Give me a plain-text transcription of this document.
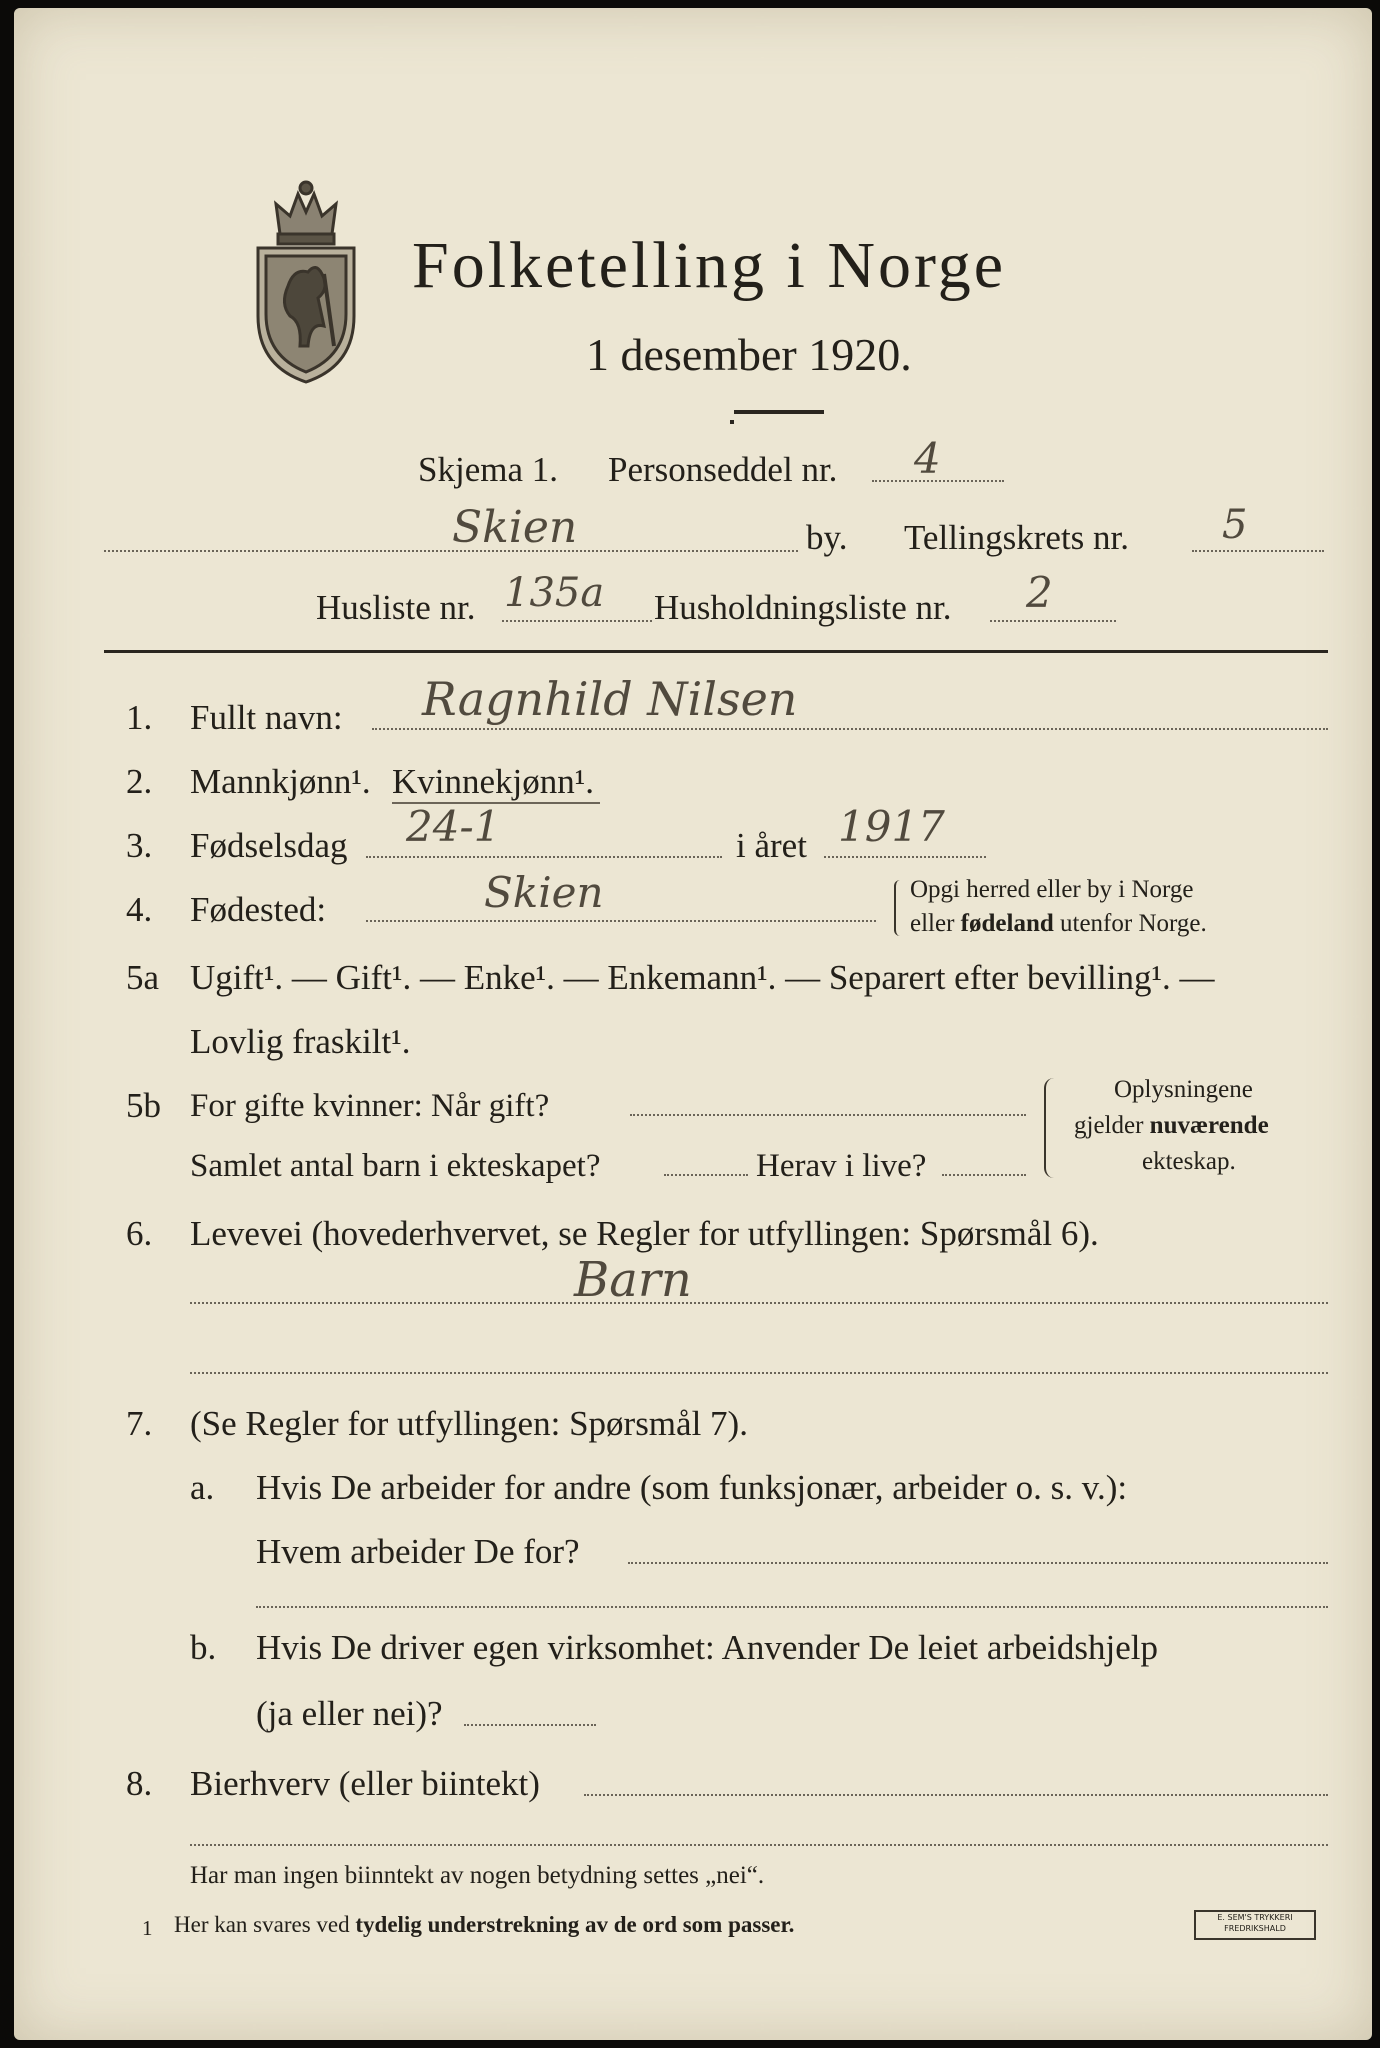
Folketelling i Norge
1 desember 1920.
Skjema 1. Personseddel nr. 4
Skien	by. Tellingskrets nr. 5
Husliste nr. 135a Husholdningsliste nr. 2
1. Fullt navn: Ragnhild Nilsen
2. Mannkjønn¹. Kvinnekjønn¹.
3. Fødselsdag 24-1	i året 1917
4. Fødested:	Skien	Opgi herred eller by i Norge
eller fødeland utenfor Norge.
5a Ugift¹. — Gift¹. — Enke¹. — Enkemann¹. — Separert efter bevilling¹. —
Lovlig fraskilt¹.
5b For gifte kvinner: Når gift?
Samlet antal barn i ekteskapet?	Herav i live?
Oplysningene
gjelder nuværende
ekteskap.
6. Levevei (hovederhvervet, se Regler for utfyllingen: Spørsmål 6).
Barn
7. (Se Regler for utfyllingen: Spørsmål 7).
a. Hvis De arbeider for andre (som funksjonær, arbeider o. s. v.):
Hvem arbeider De for?
b. Hvis De driver egen virksomhet: Anvender De leiet arbeidshjelp
(ja eller nei)?
8. Bierhverv (eller biintekt)
Har man ingen biinntekt av nogen betydning settes „nei“.
1 Her kan svares ved tydelig understrekning av de ord som passer.	E. SEM'S TRYKKERI
FREDRIKSHALD
